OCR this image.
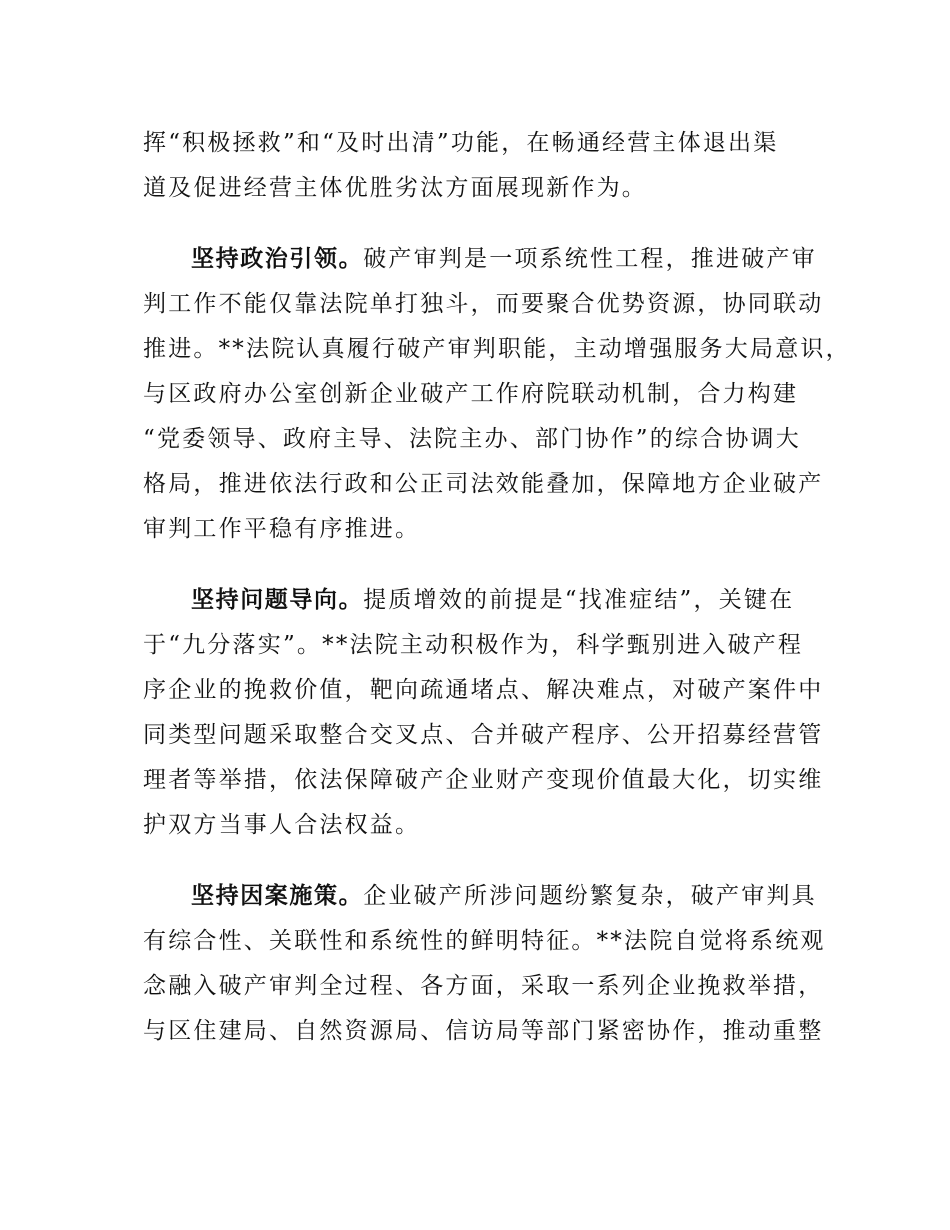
挥“积极拯救”和“及时出清”功能，在畅通经营主体退出渠
道及促进经营主体优胜劣汰方面展现新作为。

坚持政治引领。破产审判是一项系统性工程，推进破产审
判工作不能仅靠法院单打独斗，而要聚合优势资源，协同联动
推进。**法院认真履行破产审判职能，主动增强服务大局意识，
与区政府办公室创新企业破产工作府院联动机制，合力构建
“党委领导、政府主导、法院主办、部门协作”的综合协调大
格局，推进依法行政和公正司法效能叠加，保障地方企业破产
审判工作平稳有序推进。

坚持问题导向。提质增效的前提是“找准症结”，关键在
于“九分落实”。**法院主动积极作为，科学甄别进入破产程
序企业的挽救价值，靶向疏通堵点、解决难点，对破产案件中
同类型问题采取整合交叉点、合并破产程序、公开招募经营管
理者等举措，依法保障破产企业财产变现价值最大化，切实维
护双方当事人合法权益。

坚持因案施策。企业破产所涉问题纷繁复杂，破产审判具
有综合性、关联性和系统性的鲜明特征。**法院自觉将系统观
念融入破产审判全过程、各方面，采取一系列企业挽救举措，
与区住建局、自然资源局、信访局等部门紧密协作，推动重整
